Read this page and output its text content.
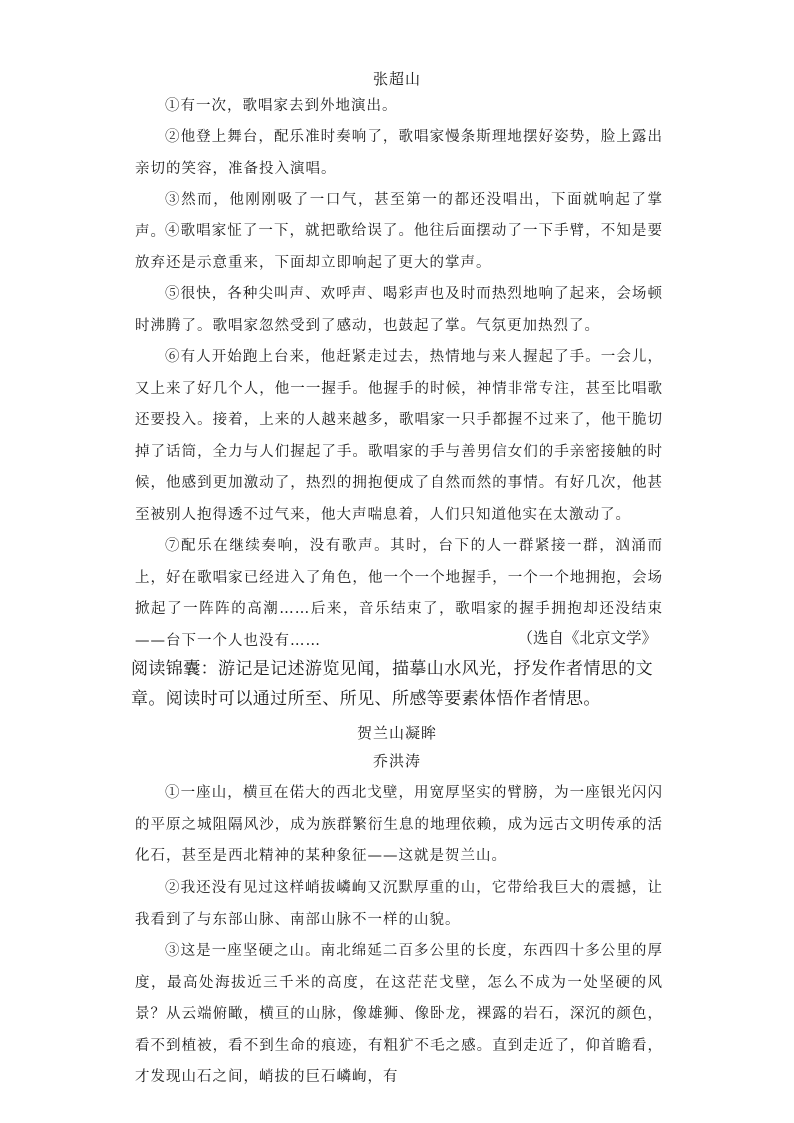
张超山
①有一次，歌唱家去到外地演出。
②他登上舞台，配乐准时奏响了，歌唱家慢条斯理地摆好姿势，脸上露出亲切的笑容，准备投入演唱。
③然而，他刚刚吸了一口气，甚至第一的都还没唱出，下面就响起了掌声。 ④歌唱家怔了一下，就把歌给误了。他往后面摆动了一下手臂，不知是要放弃还是示意重来，下面却立即响起了更大的掌声。
⑤很快，各种尖叫声、欢呼声、喝彩声也及时而热烈地响了起来，会场顿时沸腾了。歌唱家忽然受到了感动，也鼓起了掌。气氛更加热烈了。
⑥有人开始跑上台来，他赶紧走过去，热情地与来人握起了手。一会儿，又上来了好几个人，他一一握手。他握手的时候，神情非常专注，甚至比唱歌还要投入。接着，上来的人越来越多，歌唱家一只手都握不过来了，他干脆切掉了话筒，全力与人们握起了手。歌唱家的手与善男信女们的手亲密接触的时候，他感到更加激动了，热烈的拥抱便成了自然而然的事情。有好几次，他甚至被别人抱得透不过气来，他大声喘息着，人们只知道他实在太激动了。
⑦配乐在继续奏响，没有歌声。其时，台下的人一群紧接一群，汹涌而上，好在歌唱家已经进入了角色，他一个一个地握手，一个一个地拥抱，会场掀起了一阵阵的高潮……后来，音乐结束了，歌唱家的握手拥抱却还没结束——台下一个人也没有……	（选自《北京文学》
阅读锦囊：游记是记述游览见闻，描摹山水风光，抒发作者情思的文章。阅读时可以通过所至、所见、所感等要素体悟作者情思。
贺兰山凝眸
乔洪涛
①一座山，横亘在偌大的西北戈壁，用宽厚坚实的臂膀，为一座银光闪闪的平原之城阻隔风沙，成为族群繁衍生息的地理依赖，成为远古文明传承的活化石，甚至是西北精神的某种象征——这就是贺兰山。
②我还没有见过这样峭拔嶙峋又沉默厚重的山，它带给我巨大的震撼，让我看到了与东部山脉、南部山脉不一样的山貌。
③这是一座坚硬之山。南北绵延二百多公里的长度，东西四十多公里的厚度，最高处海拔近三千米的高度，在这茫茫戈壁，怎么不成为一处坚硬的风景？从云端俯瞰，横亘的山脉，像雄狮、像卧龙，裸露的岩石，深沉的颜色，看不到植被，看不到生命的痕迹，有粗犷不毛之感。直到走近了，仰首瞻看，才发现山石之间，峭拔的巨石嶙峋，有
